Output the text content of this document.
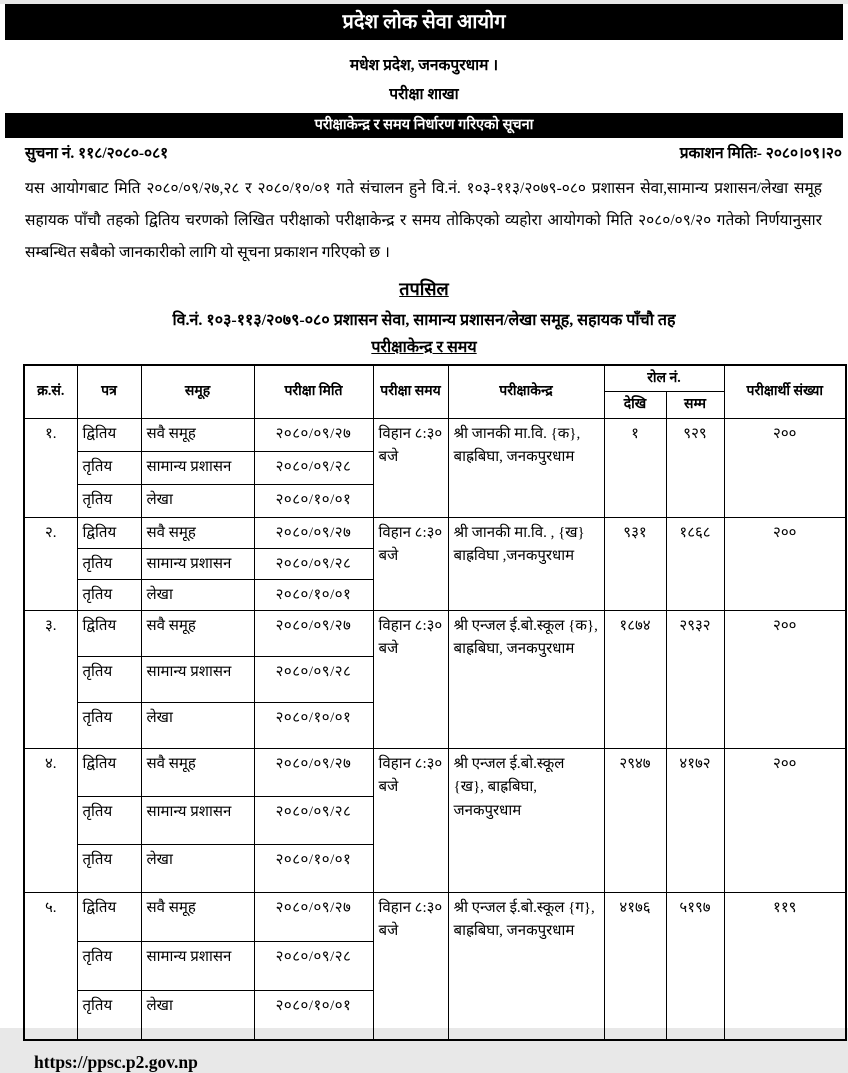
प्रदेश लोक सेवा आयोग
मधेश प्रदेश, जनकपुरधाम ।
परीक्षा शाखा
परीक्षाकेन्द्र र समय निर्धारण गरिएको सूचना
सुचना नं. ११८/२०८०-०८१	प्रकाशन मितिः- २०८०।०९।२०
यस आयोगबाट मिति २०८०/०९/२७,२८ र २०८०/१०/०१ गते संचालन हुने वि.नं. १०३-११३/२०७९-०८० प्रशासन सेवा,सामान्य प्रशासन/लेखा समूह सहायक पाँचौ तहको द्वितिय चरणको लिखित परीक्षाको परीक्षाकेन्द्र र समय तोकिएको व्यहोरा आयोगको मिति २०८०/०९/२० गतेको निर्णयानुसार सम्बन्धित सबैको जानकारीको लागि यो सूचना प्रकाशन गरिएको छ ।
तपसिल
वि.नं. १०३-११३/२०७९-०८० प्रशासन सेवा, सामान्य प्रशासन/लेखा समूह, सहायक पाँचौ तह
परीक्षाकेन्द्र र समय
क्र.सं.	पत्र	समूह	परीक्षा मिति	परीक्षा समय	परीक्षाकेन्द्र	रोल नं.		परीक्षार्थी संख्या
						देखि	सम्म	
१.	द्वितिय	सवै समूह	२०८०/०९/२७	विहान ८:३० बजे	श्री जानकी मा.वि. {क}, बाह्रबिघा, जनकपुरधाम	१	९२९	२००
	तृतिय	सामान्य प्रशासन	२०८०/०९/२८					
	तृतिय	लेखा	२०८०/१०/०१					
२.	द्वितिय	सवै समूह	२०८०/०९/२७	विहान ८:३० बजे	श्री जानकी मा.वि. , {ख} बाह्रविघा ,जनकपुरधाम	९३१	१८६८	२००
	तृतिय	सामान्य प्रशासन	२०८०/०९/२८					
	तृतिय	लेखा	२०८०/१०/०१					
३.	द्वितिय	सवै समूह	२०८०/०९/२७	विहान ८:३० बजे	श्री एन्जल ई.बो.स्कूल {क}, बाह्रबिघा, जनकपुरधाम	१८७४	२९३२	२००
	तृतिय	सामान्य प्रशासन	२०८०/०९/२८					
	तृतिय	लेखा	२०८०/१०/०१					
४.	द्वितिय	सवै समूह	२०८०/०९/२७	विहान ८:३० बजे	श्री एन्जल ई.बो.स्कूल {ख}, बाह्रबिघा, जनकपुरधाम	२९४७	४१७२	२००
	तृतिय	सामान्य प्रशासन	२०८०/०९/२८					
	तृतिय	लेखा	२०८०/१०/०१					
५.	द्वितिय	सवै समूह	२०८०/०९/२७	विहान ८:३० बजे	श्री एन्जल ई.बो.स्कूल {ग}, बाह्रबिघा, जनकपुरधाम	४१७६	५१९७	११९
	तृतिय	सामान्य प्रशासन	२०८०/०९/२८					
	तृतिय	लेखा	२०८०/१०/०१					
https://ppsc.p2.gov.np
